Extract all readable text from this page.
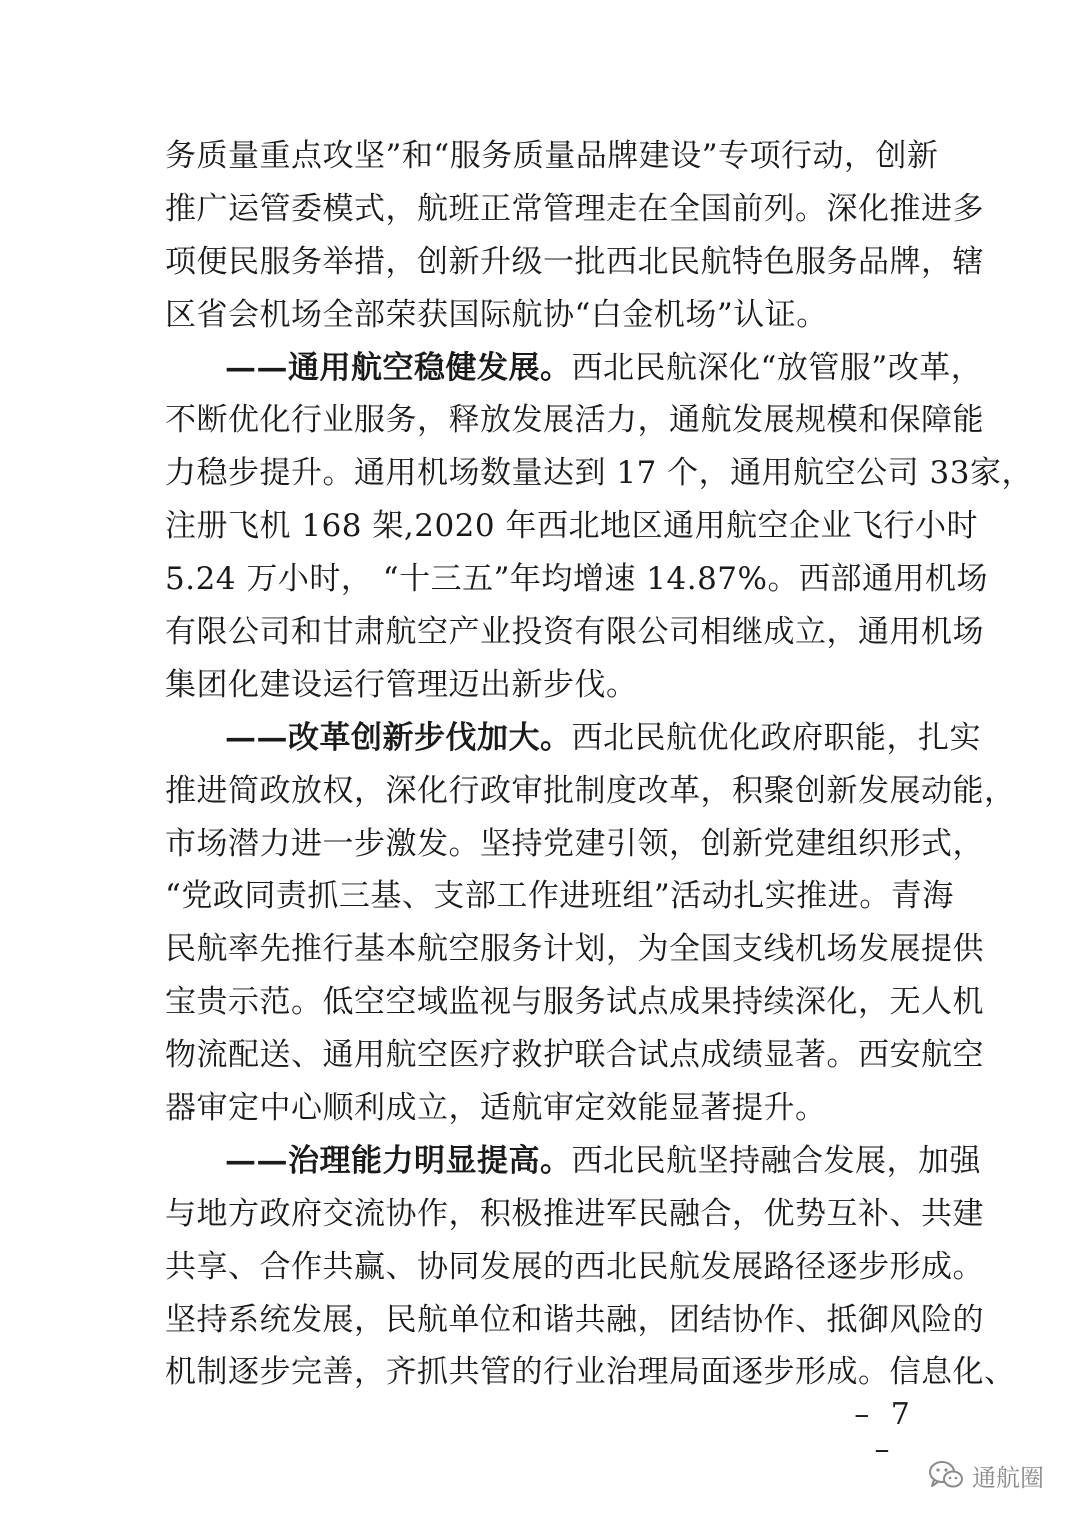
务质量重点攻坚”和“服务质量品牌建设”专项行动，创新
推广运管委模式，航班正常管理走在全国前列。深化推进多
项便民服务举措，创新升级一批西北民航特色服务品牌，辖
区省会机场全部荣获国际航协“白金机场”认证。
——通用航空稳健发展。西北民航深化“放管服”改革，
不断优化行业服务，释放发展活力，通航发展规模和保障能
力稳步提升。通用机场数量达到 17 个，通用航空公司 33家，
注册飞机 168 架,2020 年西北地区通用航空企业飞行小时
5.24 万小时， “十三五”年均增速 14.87%。西部通用机场
有限公司和甘肃航空产业投资有限公司相继成立，通用机场
集团化建设运行管理迈出新步伐。
——改革创新步伐加大。西北民航优化政府职能，扎实
推进简政放权，深化行政审批制度改革，积聚创新发展动能，
市场潜力进一步激发。坚持党建引领，创新党建组织形式，
“党政同责抓三基、支部工作进班组”活动扎实推进。青海
民航率先推行基本航空服务计划，为全国支线机场发展提供
宝贵示范。低空空域监视与服务试点成果持续深化，无人机
物流配送、通用航空医疗救护联合试点成绩显著。西安航空
器审定中心顺利成立，适航审定效能显著提升。
——治理能力明显提高。西北民航坚持融合发展，加强
与地方政府交流协作，积极推进军民融合，优势互补、共建
共享、合作共赢、协同发展的西北民航发展路径逐步形成。
坚持系统发展，民航单位和谐共融，团结协作、抵御风险的
机制逐步完善，齐抓共管的行业治理局面逐步形成。信息化、
– 7 –
通航圈
